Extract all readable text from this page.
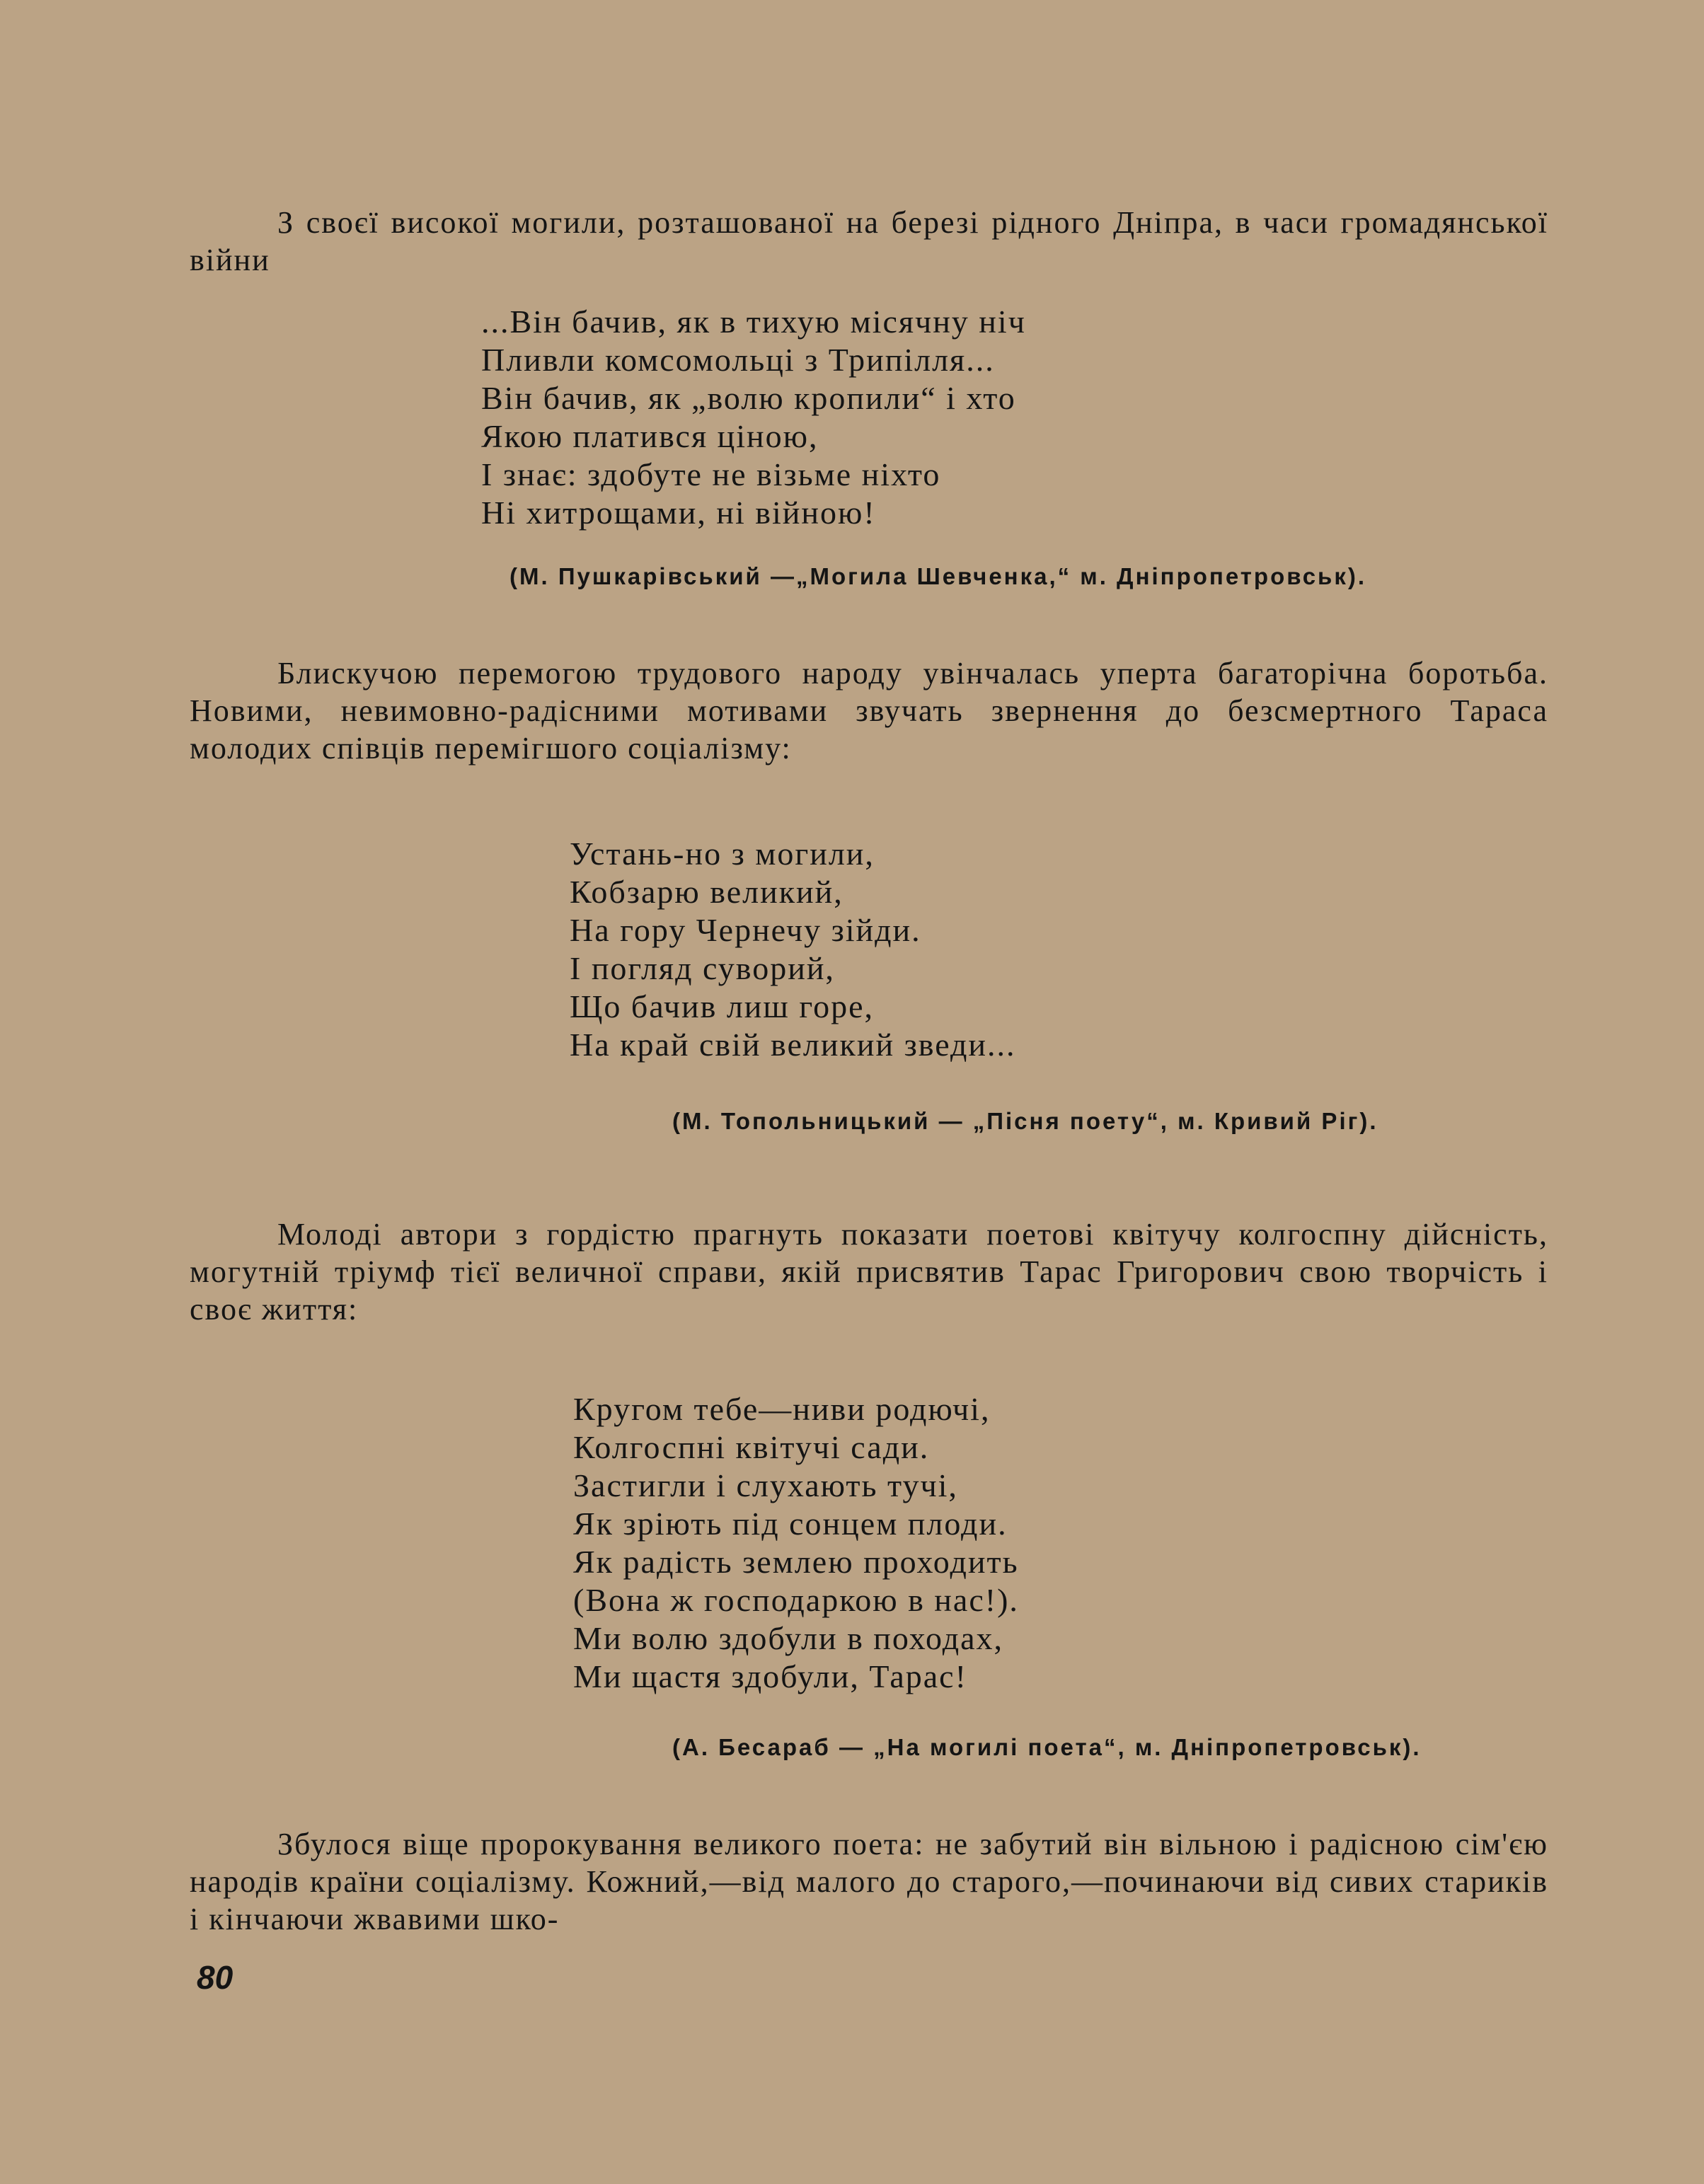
З своєї високої могили, розташованої на березі рідного Дніпра, в часи громадянської війни

...Він бачив, як в тихую місячну ніч
Пливли комсомольці з Трипілля...
Він бачив, як „волю кропили“ і хто
Якою платився ціною,
І знає: здобуте не візьме ніхто
Ні хитрощами, ні війною!
(М. Пушкарівський —„Могила Шевченка,“ м. Дніпропетровськ).

Блискучою перемогою трудового народу увінчалась уперта багаторічна боротьба. Новими, невимовно-радісними мотивами звучать звернення до безсмертного Тараса молодих співців перемігшого соціалізму:

Устань-но з могили,
Кобзарю великий,
На гору Чернечу зійди.
І погляд суворий,
Що бачив лиш горе,
На край свій великий зведи...
(М. Топольницький — „Пісня поету“, м. Кривий Ріг).

Молоді автори з гордістю прагнуть показати поетові квітучу колгоспну дійсність, могутній тріумф тієї величної справи, якій присвятив Тарас Григорович свою творчість і своє життя:

Кругом тебе—ниви родючі,
Колгоспні квітучі сади.
Застигли і слухають тучі,
Як зріють під сонцем плоди.
Як радість землею проходить
(Вона ж господаркою в нас!).
Ми волю здобули в походах,
Ми щастя здобули, Тарас!
(А. Бесараб — „На могилі поета“, м. Дніпропетровськ).

Збулося віще пророкування великого поета: не забутий він вільною і радісною сім'єю народів країни соціалізму. Кожний,—від малого до старого,—починаючи від сивих стариків і кінчаючи жвавими шко-

80
